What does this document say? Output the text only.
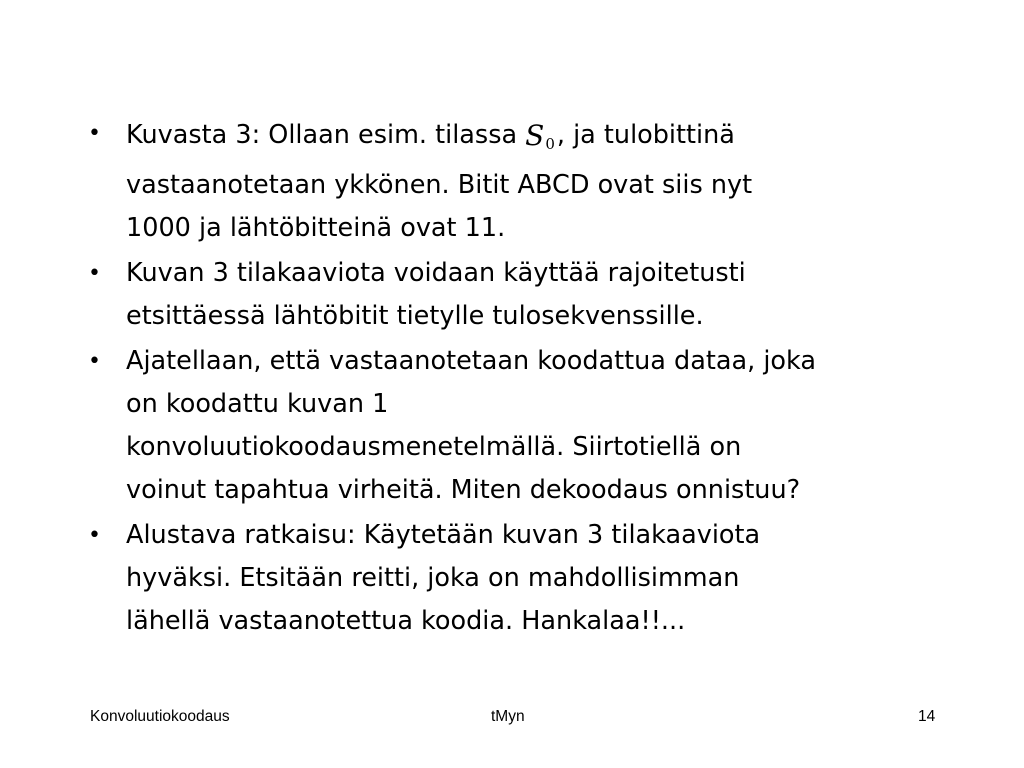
• Kuvasta 3: Ollaan esim. tilassa $S_0$, ja tulobittinä
vastaanotetaan ykkönen. Bitit ABCD ovat siis nyt
1000 ja lähtöbitteinä ovat 11.
• Kuvan 3 tilakaaviota voidaan käyttää rajoitetusti
etsittäessä lähtöbitit tietylle tulosekvenssille.
• Ajatellaan, että vastaanotetaan koodattua dataa, joka
on koodattu kuvan 1
konvoluutiokoodausmenetelmällä. Siirtotiellä on
voinut tapahtua virheitä. Miten dekoodaus onnistuu?
• Alustava ratkaisu: Käytetään kuvan 3 tilakaaviota
hyväksi. Etsitään reitti, joka on mahdollisimman
lähellä vastaanotettua koodia. Hankalaa!!...
Konvoluutiokoodaus	tMyn	14
